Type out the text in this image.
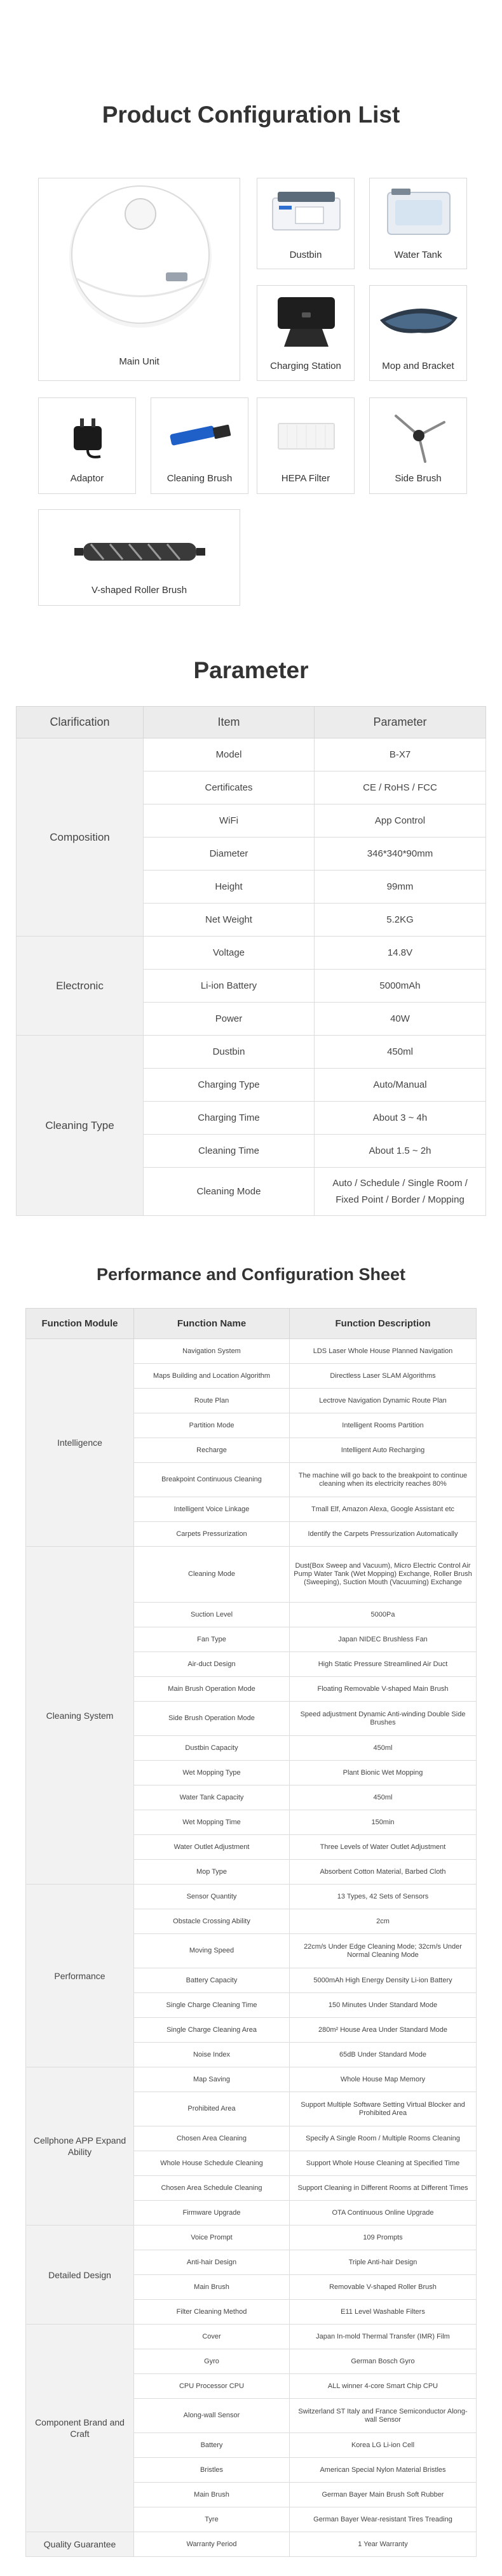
Product Configuration List
Main Unit
Dustbin	Water Tank
Charging Station	Mop and Bracket
Adaptor	Cleaning Brush	HEPA Filter	Side Brush
V-shaped Roller Brush
Parameter
Clarification	Item	Parameter
Composition	Model	B-X7
	Certificates	CE / RoHS / FCC
	WiFi	App Control
	Diameter	346*340*90mm
	Height	99mm
	Net Weight	5.2KG
Electronic	Voltage	14.8V
	Li-ion Battery	5000mAh
	Power	40W
Cleaning Type	Dustbin	450ml
	Charging Type	Auto/Manual
	Charging Time	About 3 ~ 4h
	Cleaning Time	About 1.5 ~ 2h
	Cleaning Mode	Auto / Schedule / Single Room / Fixed Point / Border / Mopping
Performance and Configuration Sheet
Function Module	Function Name	Function Description
Intelligence	Navigation System	LDS Laser Whole House Planned Navigation
	Maps Building and Location Algorithm	Directless Laser SLAM Algorithms
	Route Plan	Lectrove Navigation Dynamic Route Plan
	Partition Mode	Intelligent Rooms Partition
	Recharge	Intelligent Auto Recharging
	Breakpoint Continuous Cleaning	The machine will go back to the breakpoint to continue cleaning when its electricity reaches 80%
	Intelligent Voice Linkage	Tmall Elf, Amazon Alexa, Google Assistant etc
	Carpets Pressurization	Identify the Carpets Pressurization Automatically
Cleaning System	Cleaning Mode	Dust(Box Sweep and Vacuum), Micro Electric Control Air Pump Water Tank (Wet Mopping) Exchange, Roller Brush (Sweeping), Suction Mouth (Vacuuming) Exchange
	Suction Level	5000Pa
	Fan Type	Japan NIDEC Brushless Fan
	Air-duct Design	High Static Pressure Streamlined Air Duct
	Main Brush Operation Mode	Floating Removable V-shaped Main Brush
	Side Brush Operation Mode	Speed adjustment Dynamic Anti-winding Double Side Brushes
	Dustbin Capacity	450ml
	Wet Mopping Type	Plant Bionic Wet Mopping
	Water Tank Capacity	450ml
	Wet Mopping Time	150min
	Water Outlet Adjustment	Three Levels of Water Outlet Adjustment
	Mop Type	Absorbent Cotton Material, Barbed Cloth
Performance	Sensor Quantity	13 Types, 42 Sets of Sensors
	Obstacle Crossing Ability	2cm
	Moving Speed	22cm/s Under Edge Cleaning Mode; 32cm/s Under Normal Cleaning Mode
	Battery Capacity	5000mAh High Energy Density Li-ion Battery
	Single Charge Cleaning Time	150 Minutes Under Standard Mode
	Single Charge Cleaning Area	280m² House Area Under Standard Mode
	Noise Index	65dB Under Standard Mode
Cellphone APP Expand Ability	Map Saving	Whole House Map Memory
	Prohibited Area	Support Multiple Software Setting Virtual Blocker and Prohibited Area
	Chosen Area Cleaning	Specify A Single Room / Multiple Rooms Cleaning
	Whole House Schedule Cleaning	Support Whole House Cleaning at Specified Time
	Chosen Area Schedule Cleaning	Support Cleaning in Different Rooms at Different Times
	Firmware Upgrade	OTA Continuous Online Upgrade
Detailed Design	Voice Prompt	109 Prompts
	Anti-hair Design	Triple Anti-hair Design
	Main Brush	Removable V-shaped Roller Brush
	Filter Cleaning Method	E11 Level Washable Filters
Component Brand and Craft	Cover	Japan In-mold Thermal Transfer (IMR) Film
	Gyro	German Bosch Gyro
	CPU Processor CPU	ALL winner 4-core Smart Chip CPU
	Along-wall Sensor	Switzerland ST Italy and France Semiconductor Along-wall Sensor
	Battery	Korea LG Li-ion Cell
	Bristles	American Special Nylon Material Bristles
	Main Brush	German Bayer Main Brush Soft Rubber
	Tyre	German Bayer Wear-resistant Tires Treading
Quality Guarantee	Warranty Period	1 Year Warranty
